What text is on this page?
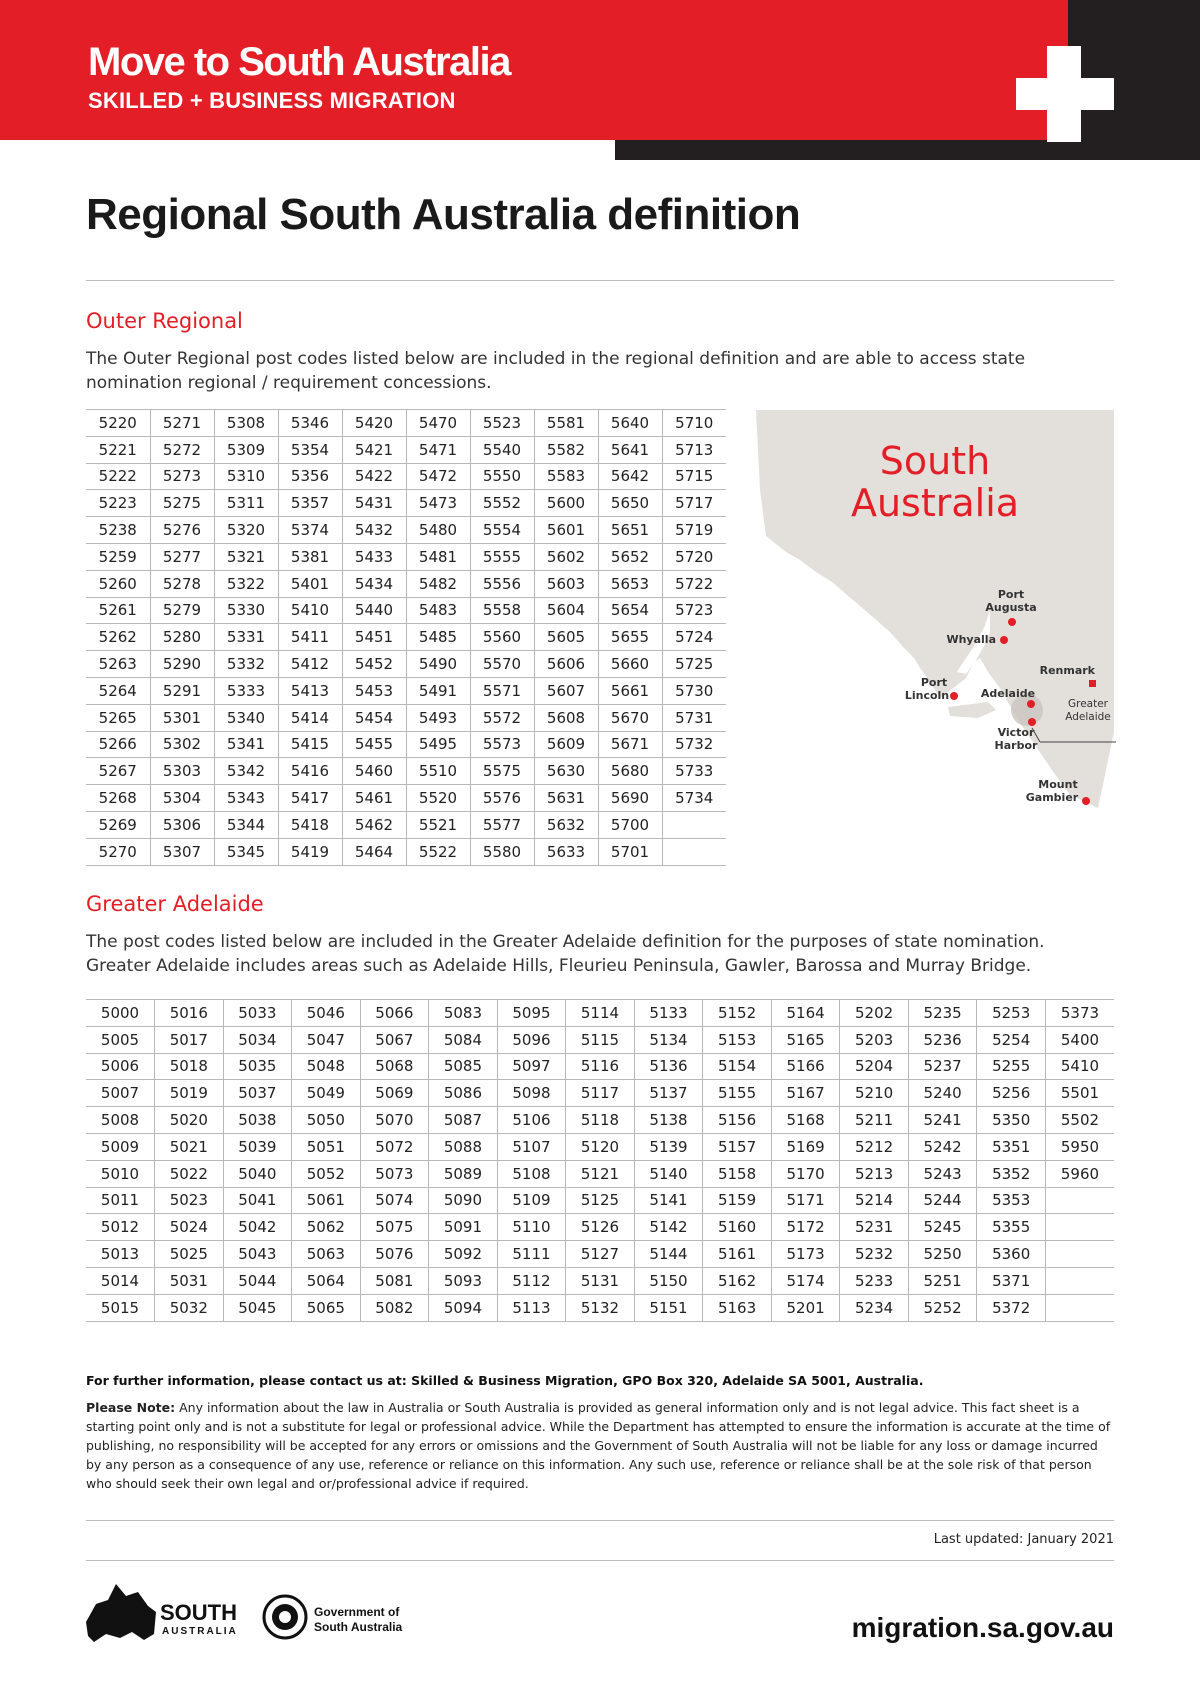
Move to South Australia
SKILLED + BUSINESS MIGRATION
Regional South Australia definition
Outer Regional

The Outer Regional post codes listed below are included in the regional definition and are able to access state nomination regional / requirement concessions.

5220	5271	5308	5346	5420	5470	5523	5581	5640	5710
5221	5272	5309	5354	5421	5471	5540	5582	5641	5713
5222	5273	5310	5356	5422	5472	5550	5583	5642	5715
5223	5275	5311	5357	5431	5473	5552	5600	5650	5717
5238	5276	5320	5374	5432	5480	5554	5601	5651	5719
5259	5277	5321	5381	5433	5481	5555	5602	5652	5720
5260	5278	5322	5401	5434	5482	5556	5603	5653	5722
5261	5279	5330	5410	5440	5483	5558	5604	5654	5723
5262	5280	5331	5411	5451	5485	5560	5605	5655	5724
5263	5290	5332	5412	5452	5490	5570	5606	5660	5725
5264	5291	5333	5413	5453	5491	5571	5607	5661	5730
5265	5301	5340	5414	5454	5493	5572	5608	5670	5731
5266	5302	5341	5415	5455	5495	5573	5609	5671	5732
5267	5303	5342	5416	5460	5510	5575	5630	5680	5733
5268	5304	5343	5417	5461	5520	5576	5631	5690	5734
5269	5306	5344	5418	5462	5521	5577	5632	5700	
5270	5307	5345	5419	5464	5522	5580	5633	5701	
South
Australia
Port
Augusta
Whyalla
Renmark
Port
Lincoln	Adelaide
Victor
Harbor
Mount
Gambier
Greater
Adelaide
Greater Adelaide

The post codes listed below are included in the Greater Adelaide definition for the purposes of state nomination.

Greater Adelaide includes areas such as Adelaide Hills, Fleurieu Peninsula, Gawler, Barossa and Murray Bridge.

5000	5016	5033	5046	5066	5083	5095	5114	5133	5152	5164	5202	5235	5253	5373
5005	5017	5034	5047	5067	5084	5096	5115	5134	5153	5165	5203	5236	5254	5400
5006	5018	5035	5048	5068	5085	5097	5116	5136	5154	5166	5204	5237	5255	5410
5007	5019	5037	5049	5069	5086	5098	5117	5137	5155	5167	5210	5240	5256	5501
5008	5020	5038	5050	5070	5087	5106	5118	5138	5156	5168	5211	5241	5350	5502
5009	5021	5039	5051	5072	5088	5107	5120	5139	5157	5169	5212	5242	5351	5950
5010	5022	5040	5052	5073	5089	5108	5121	5140	5158	5170	5213	5243	5352	5960
5011	5023	5041	5061	5074	5090	5109	5125	5141	5159	5171	5214	5244	5353	
5012	5024	5042	5062	5075	5091	5110	5126	5142	5160	5172	5231	5245	5355	
5013	5025	5043	5063	5076	5092	5111	5127	5144	5161	5173	5232	5250	5360	
5014	5031	5044	5064	5081	5093	5112	5131	5150	5162	5174	5233	5251	5371	
5015	5032	5045	5065	5082	5094	5113	5132	5151	5163	5201	5234	5252	5372	
For further information, please contact us at: Skilled & Business Migration, GPO Box 320, Adelaide SA 5001, Australia.

Please Note: Any information about the law in Australia or South Australia is provided as general information only and is not legal advice. This fact sheet is a starting point only and is not a substitute for legal or professional advice. While the Department has attempted to ensure the information is accurate at the time of publishing, no responsibility will be accepted for any errors or omissions and the Government of South Australia will not be liable for any loss or damage incurred by any person as a consequence of any use, reference or reliance on this information. Any such use, reference or reliance shall be at the sole risk of that person who should seek their own legal and or/professional advice if required.

Last updated: January 2021
SOUTH
AUSTRALIA
Government of
South Australia	migration.sa.gov.au
